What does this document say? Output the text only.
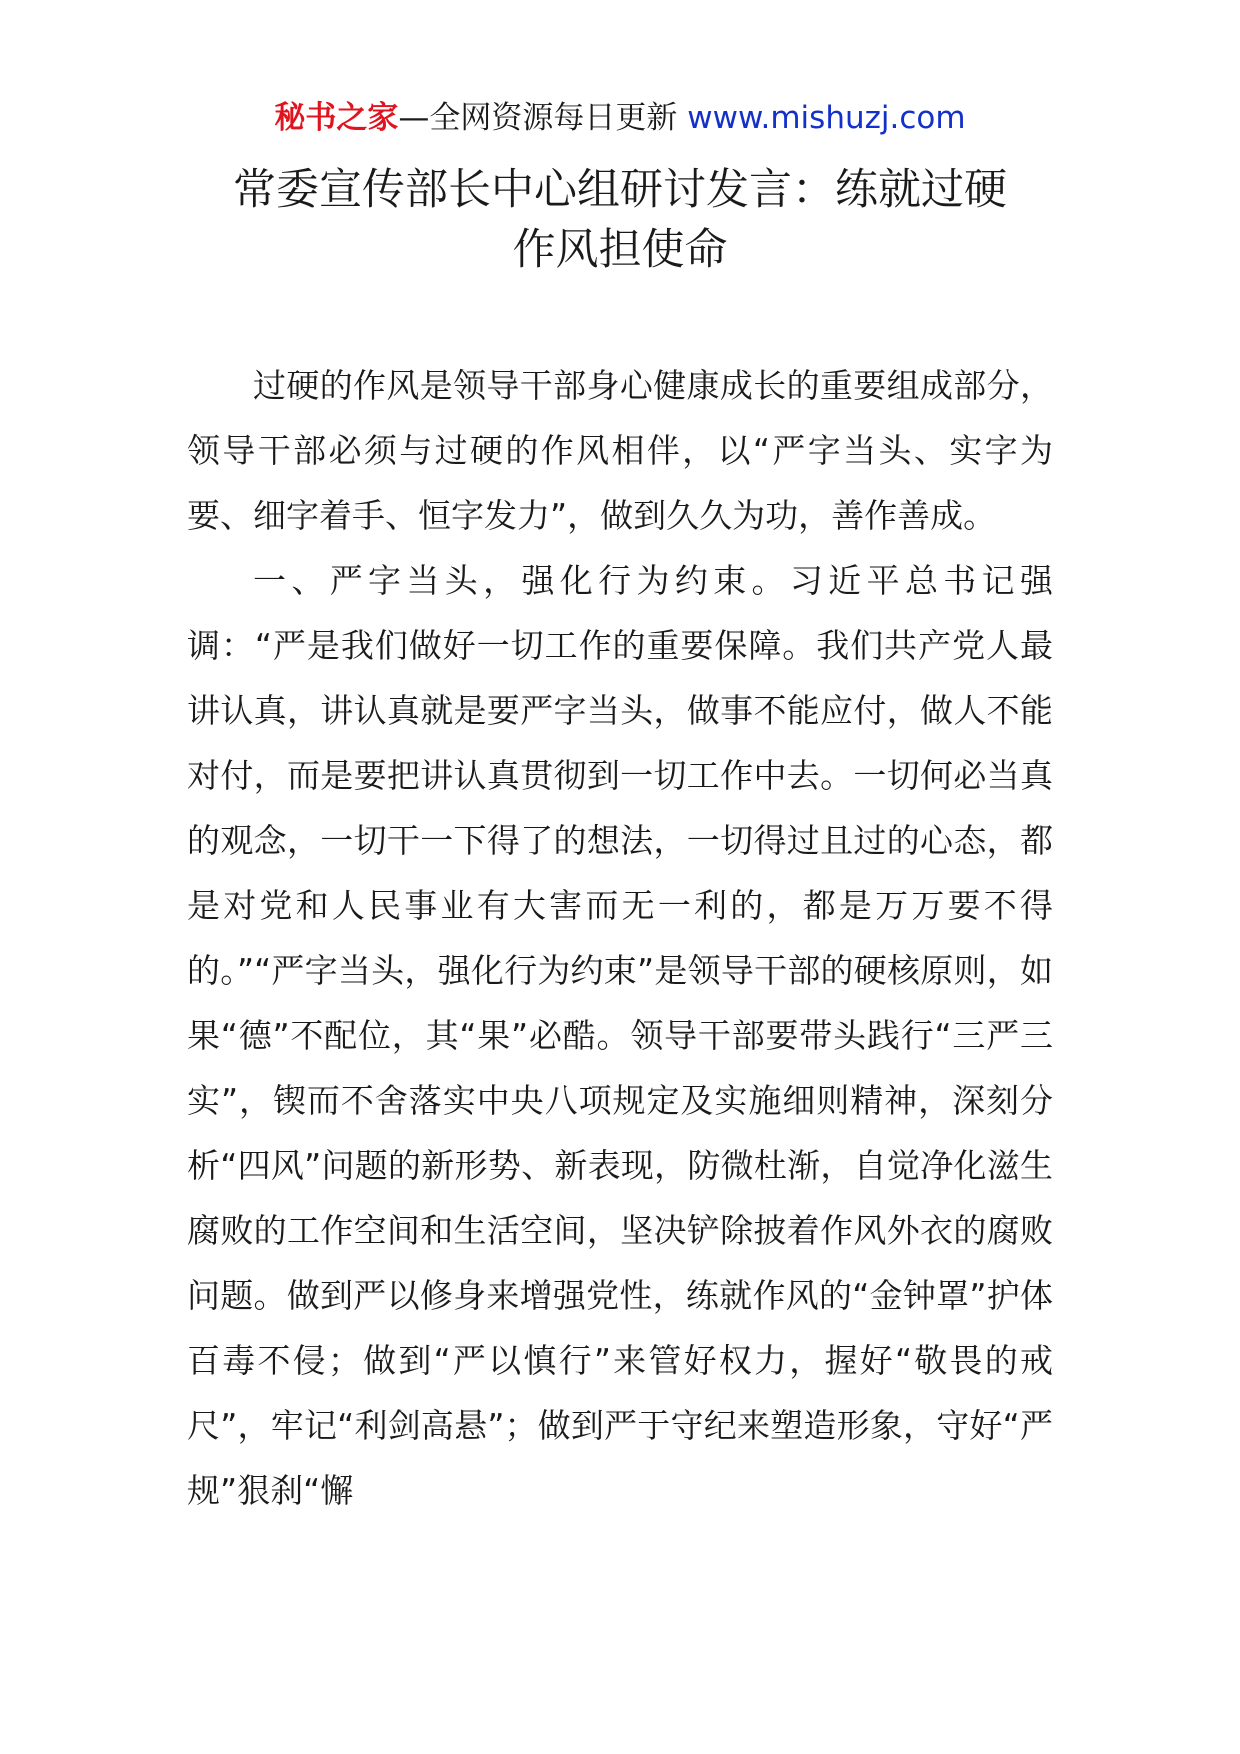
秘书之家—全网资源每日更新 www.mishuzj.com
常委宣传部长中心组研讨发言：练就过硬
作风担使命

过硬的作风是领导干部身心健康成长的重要组成部分，领导干部必须与过硬的作风相伴，以“严字当头、实字为要、细字着手、恒字发力”，做到久久为功，善作善成。

一、严字当头，强化行为约束。习近平总书记强调：“严是我们做好一切工作的重要保障。我们共产党人最讲认真，讲认真就是要严字当头，做事不能应付，做人不能对付，而是要把讲认真贯彻到一切工作中去。一切何必当真的观念，一切干一下得了的想法，一切得过且过的心态，都是对党和人民事业有大害而无一利的，都是万万要不得的。”“严字当头，强化行为约束”是领导干部的硬核原则，如果“德”不配位，其“果”必酷。领导干部要带头践行“三严三实”，锲而不舍落实中央八项规定及实施细则精神，深刻分析“四风”问题的新形势、新表现，防微杜渐，自觉净化滋生腐败的工作空间和生活空间，坚决铲除披着作风外衣的腐败问题。做到严以修身来增强党性，练就作风的“金钟罩”护体百毒不侵；做到“严以慎行”来管好权力，握好“敬畏的戒尺”，牢记“利剑高悬”；做到严于守纪来塑造形象，守好“严规”狠刹“懈
